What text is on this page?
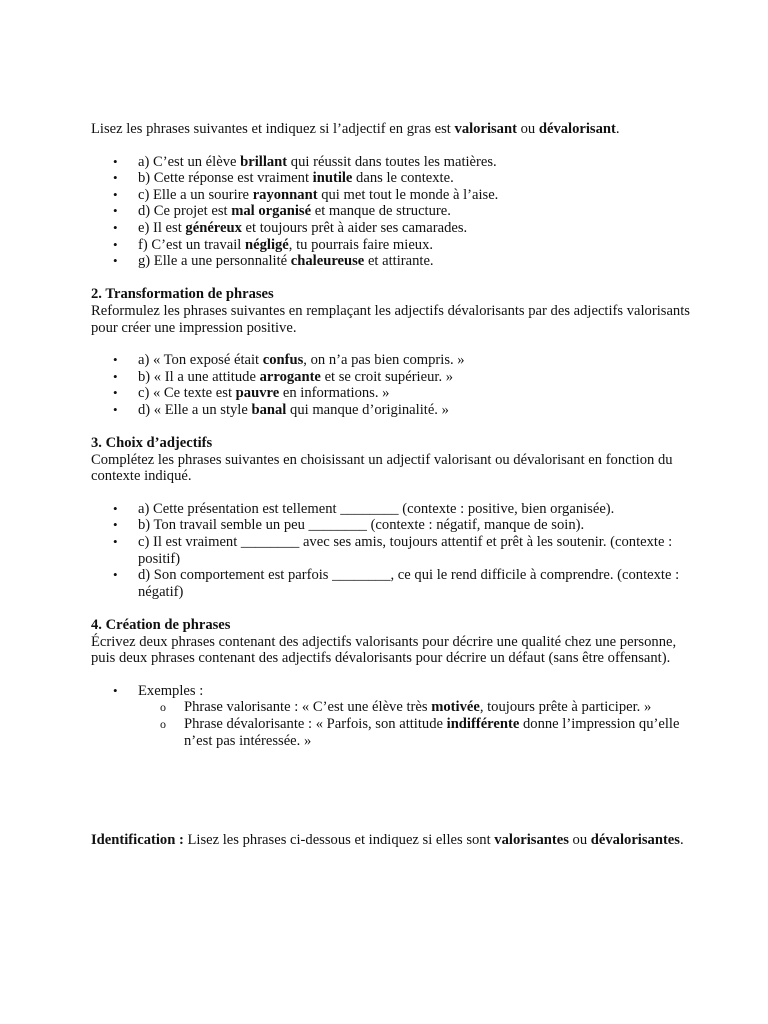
Lisez les phrases suivantes et indiquez si l’adjectif en gras est valorisant ou dévalorisant.

• a) C’est un élève brillant qui réussit dans toutes les matières.
• b) Cette réponse est vraiment inutile dans le contexte.
• c) Elle a un sourire rayonnant qui met tout le monde à l’aise.
• d) Ce projet est mal organisé et manque de structure.
• e) Il est généreux et toujours prêt à aider ses camarades.
• f) C’est un travail négligé, tu pourrais faire mieux.
• g) Elle a une personnalité chaleureuse et attirante.

2. Transformation de phrases

Reformulez les phrases suivantes en remplaçant les adjectifs dévalorisants par des adjectifs valorisants pour créer une impression positive.

• a) « Ton exposé était confus, on n’a pas bien compris. »
• b) « Il a une attitude arrogante et se croit supérieur. »
• c) « Ce texte est pauvre en informations. »
• d) « Elle a un style banal qui manque d’originalité. »

3. Choix d’adjectifs

Complétez les phrases suivantes en choisissant un adjectif valorisant ou dévalorisant en fonction du contexte indiqué.

• a) Cette présentation est tellement ________ (contexte : positive, bien organisée).
• b) Ton travail semble un peu ________ (contexte : négatif, manque de soin).
• c) Il est vraiment ________ avec ses amis, toujours attentif et prêt à les soutenir. (contexte : positif)
• d) Son comportement est parfois ________, ce qui le rend difficile à comprendre. (contexte : négatif)

4. Création de phrases

Écrivez deux phrases contenant des adjectifs valorisants pour décrire une qualité chez une personne, puis deux phrases contenant des adjectifs dévalorisants pour décrire un défaut (sans être offensant).

• Exemples :
o Phrase valorisante : « C’est une élève très motivée, toujours prête à participer. »
o Phrase dévalorisante : « Parfois, son attitude indifférente donne l’impression qu’elle n’est pas intéressée. »

Identification : Lisez les phrases ci-dessous et indiquez si elles sont valorisantes ou dévalorisantes.
